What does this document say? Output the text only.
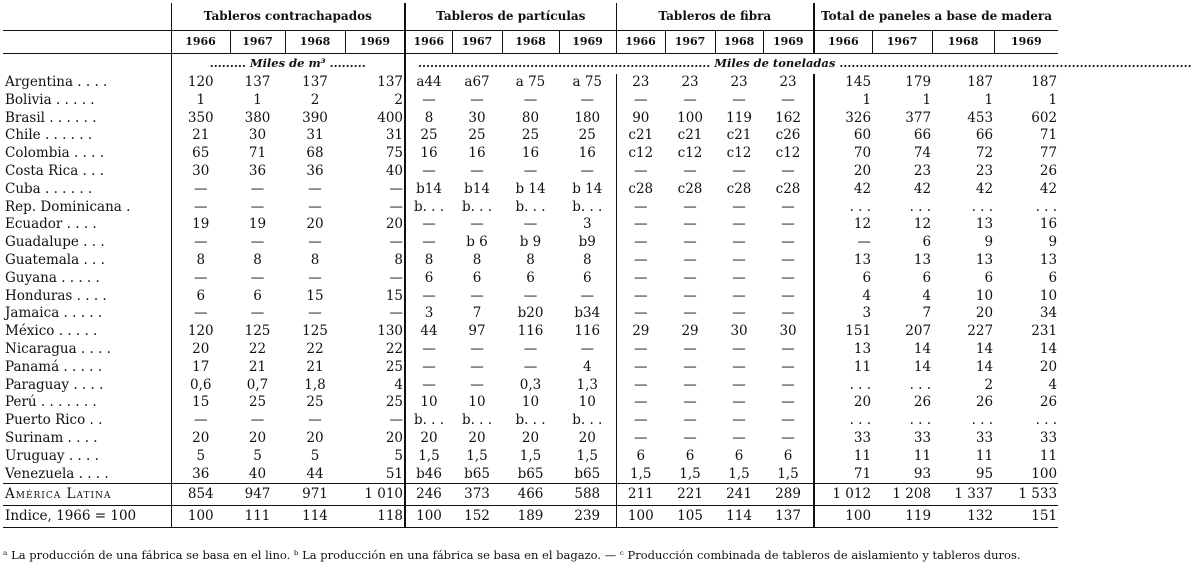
	Tableros contrachapados				Tableros de partículas				Tableros de fibra				Total de paneles a base de madera			
	1966	1967	1968	1969	1966	1967	1968	1969	1966	1967	1968	1969	1966	1967	1968	1969
	......... Miles de m³ .........				......................................................................... Miles de toneladas ........................................................................................											
Argentina . . . .	120	137	137	137	a44	a67	a 75	a 75	23	23	23	23	145	179	187	187
Bolivia . . . . .	1	1	2	2	—	—	—	—	—	—	—	—	1	1	1	1
Brasil . . . . . .	350	380	390	400	8	30	80	180	90	100	119	162	326	377	453	602
Chile . . . . . .	21	30	31	31	25	25	25	25	c21	c21	c21	c26	60	66	66	71
Colombia . . . .	65	71	68	75	16	16	16	16	c12	c12	c12	c12	70	74	72	77
Costa Rica . . .	30	36	36	40	—	—	—	—	—	—	—	—	20	23	23	26
Cuba . . . . . .	—	—	—	—	b14	b14	b 14	b 14	c28	c28	c28	c28	42	42	42	42
Rep. Dominicana .	—	—	—	—	b. . .	b. . .	b. . .	b. . .	—	—	—	—	. . .	. . .	. . .	. . .
Ecuador . . . .	19	19	20	20	—	—	—	3	—	—	—	—	12	12	13	16
Guadalupe . . .	—	—	—	—	—	b 6	b 9	b9	—	—	—	—	—	6	9	9
Guatemala . . .	8	8	8	8	8	8	8	8	—	—	—	—	13	13	13	13
Guyana . . . . .	—	—	—	—	6	6	6	6	—	—	—	—	6	6	6	6
Honduras . . . .	6	6	15	15	—	—	—	—	—	—	—	—	4	4	10	10
Jamaica . . . . .	—	—	—	—	3	7	b20	b34	—	—	—	—	3	7	20	34
México . . . . .	120	125	125	130	44	97	116	116	29	29	30	30	151	207	227	231
Nicaragua . . . .	20	22	22	22	—	—	—	—	—	—	—	—	13	14	14	14
Panamá . . . . .	17	21	21	25	—	—	—	4	—	—	—	—	11	14	14	20
Paraguay . . . .	0,6	0,7	1,8	4	—	—	0,3	1,3	—	—	—	—	. . .	. . .	2	4
Perú . . . . . . .	15	25	25	25	10	10	10	10	—	—	—	—	20	26	26	26
Puerto Rico . .	—	—	—	—	b. . .	b. . .	b. . .	b. . .	—	—	—	—	. . .	. . .	. . .	. . .
Surinam . . . .	20	20	20	20	20	20	20	20	—	—	—	—	33	33	33	33
Uruguay . . . .	5	5	5	5	1,5	1,5	1,5	1,5	6	6	6	6	11	11	11	11
Venezuela . . . .	36	40	44	51	b46	b65	b65	b65	1,5	1,5	1,5	1,5	71	93	95	100
América Latina	854	947	971	1 010	246	373	466	588	211	221	241	289	1 012	1 208	1 337	1 533
Indice, 1966 = 100	100	111	114	118	100	152	189	239	100	105	114	137	100	119	132	151
ᵃ La producción de una fábrica se basa en el lino. ᵇ La producción en una fábrica se basa en el bagazo. — ᶜ Producción combinada de tableros de aislamiento y tableros duros.
